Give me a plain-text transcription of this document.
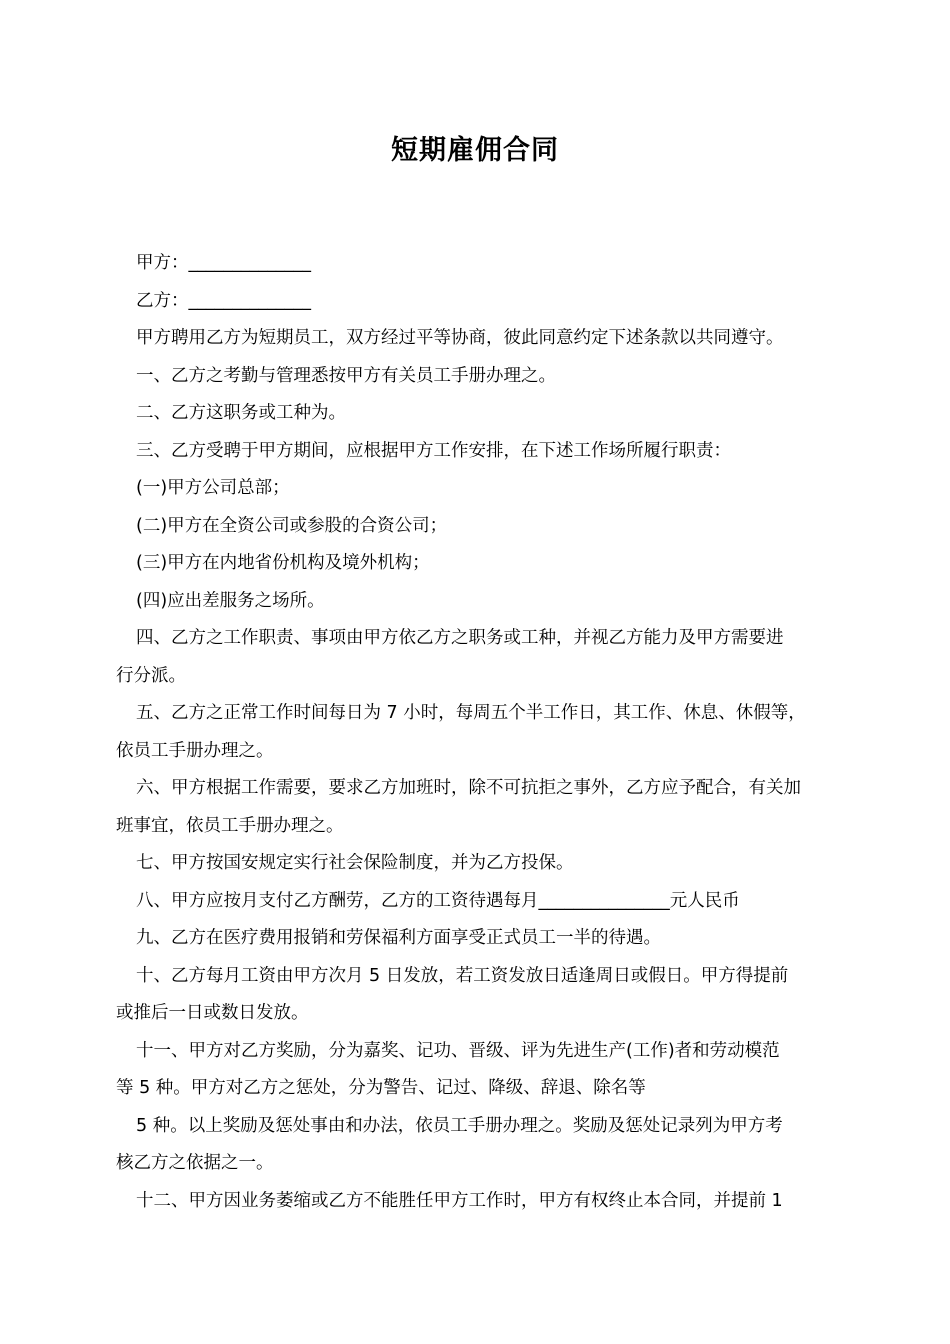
短期雇佣合同

甲方：______________

乙方：______________

甲方聘用乙方为短期员工，双方经过平等协商，彼此同意约定下述条款以共同遵守。

一、乙方之考勤与管理悉按甲方有关员工手册办理之。

二、乙方这职务或工种为。

三、乙方受聘于甲方期间，应根据甲方工作安排，在下述工作场所履行职责：

(一)甲方公司总部；

(二)甲方在全资公司或参股的合资公司；

(三)甲方在内地省份机构及境外机构；

(四)应出差服务之场所。

四、乙方之工作职责、事项由甲方依乙方之职务或工种，并视乙方能力及甲方需要进

行分派。

五、乙方之正常工作时间每日为 7 小时，每周五个半工作日，其工作、休息、休假等，

依员工手册办理之。

六、甲方根据工作需要，要求乙方加班时，除不可抗拒之事外，乙方应予配合，有关加

班事宜，依员工手册办理之。

七、甲方按国安规定实行社会保险制度，并为乙方投保。

八、甲方应按月支付乙方酬劳，乙方的工资待遇每月_______________元人民币

九、乙方在医疗费用报销和劳保福利方面享受正式员工一半的待遇。

十、乙方每月工资由甲方次月 5 日发放，若工资发放日适逢周日或假日。甲方得提前

或推后一日或数日发放。

十一、甲方对乙方奖励，分为嘉奖、记功、晋级、评为先进生产(工作)者和劳动模范

等 5 种。甲方对乙方之惩处，分为警告、记过、降级、辞退、除名等

5 种。以上奖励及惩处事由和办法，依员工手册办理之。奖励及惩处记录列为甲方考

核乙方之依据之一。

十二、甲方因业务萎缩或乙方不能胜任甲方工作时，甲方有权终止本合同，并提前 1
